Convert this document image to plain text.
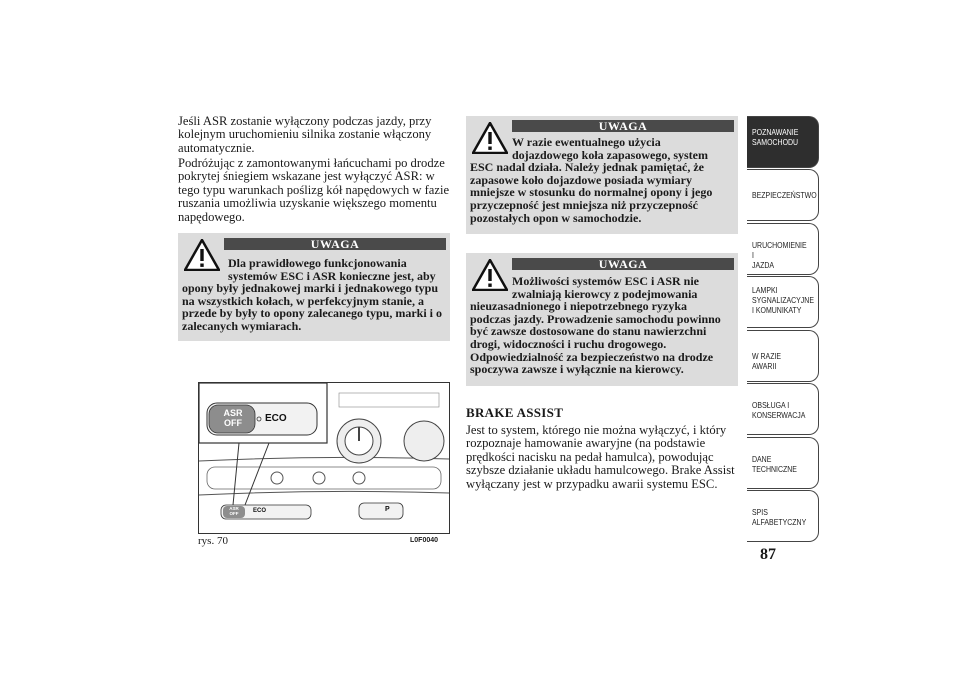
Jeśli ASR zostanie wyłączony podczas jazdy, przy
kolejnym uruchomieniu silnika zostanie włączony
automatycznie.
Podróżując z zamontowanymi łańcuchami po drodze
pokrytej śniegiem wskazane jest wyłączyć ASR: w
tego typu warunkach poślizg kół napędowych w fazie
ruszania umożliwia uzyskanie większego momentu
napędowego.
UWAGA
Dla prawidłowego funkcjonowania
systemów ESC i ASR konieczne jest, aby
opony były jednakowej marki i jednakowego typu
na wszystkich kołach, w perfekcyjnym stanie, a
przede by były to opony zalecanego typu, marki i o
zalecanych wymiarach.
ASR
OFF	ECO
ASR
OFF	ECO	P
rys. 70	L0F0040
UWAGA
W razie ewentualnego użycia
dojazdowego koła zapasowego, system
ESC nadal działa. Należy jednak pamiętać, że
zapasowe koło dojazdowe posiada wymiary
mniejsze w stosunku do normalnej opony i jego
przyczepność jest mniejsza niż przyczepność
pozostałych opon w samochodzie.
UWAGA
Możliwości systemów ESC i ASR nie
zwalniają kierowcy z podejmowania
nieuzasadnionego i niepotrzebnego ryzyka
podczas jazdy. Prowadzenie samochodu powinno
być zawsze dostosowane do stanu nawierzchni
drogi, widoczności i ruchu drogowego.
Odpowiedzialność za bezpieczeństwo na drodze
spoczywa zawsze i wyłącznie na kierowcy.
BRAKE ASSIST
Jest to system, którego nie można wyłączyć, i który
rozpoznaje hamowanie awaryjne (na podstawie
prędkości nacisku na pedał hamulca), powodując
szybsze działanie układu hamulcowego. Brake Assist
wyłączany jest w przypadku awarii systemu ESC.
POZNAWANIE
SAMOCHODU
BEZPIECZEŃSTWO
URUCHOMIENIE I
JAZDA
LAMPKI
SYGNALIZACYJNE
I KOMUNIKATY
W RAZIE AWARII
OBSŁUGA I
KONSERWACJA
DANE
TECHNICZNE
SPIS
ALFABETYCZNY
87
